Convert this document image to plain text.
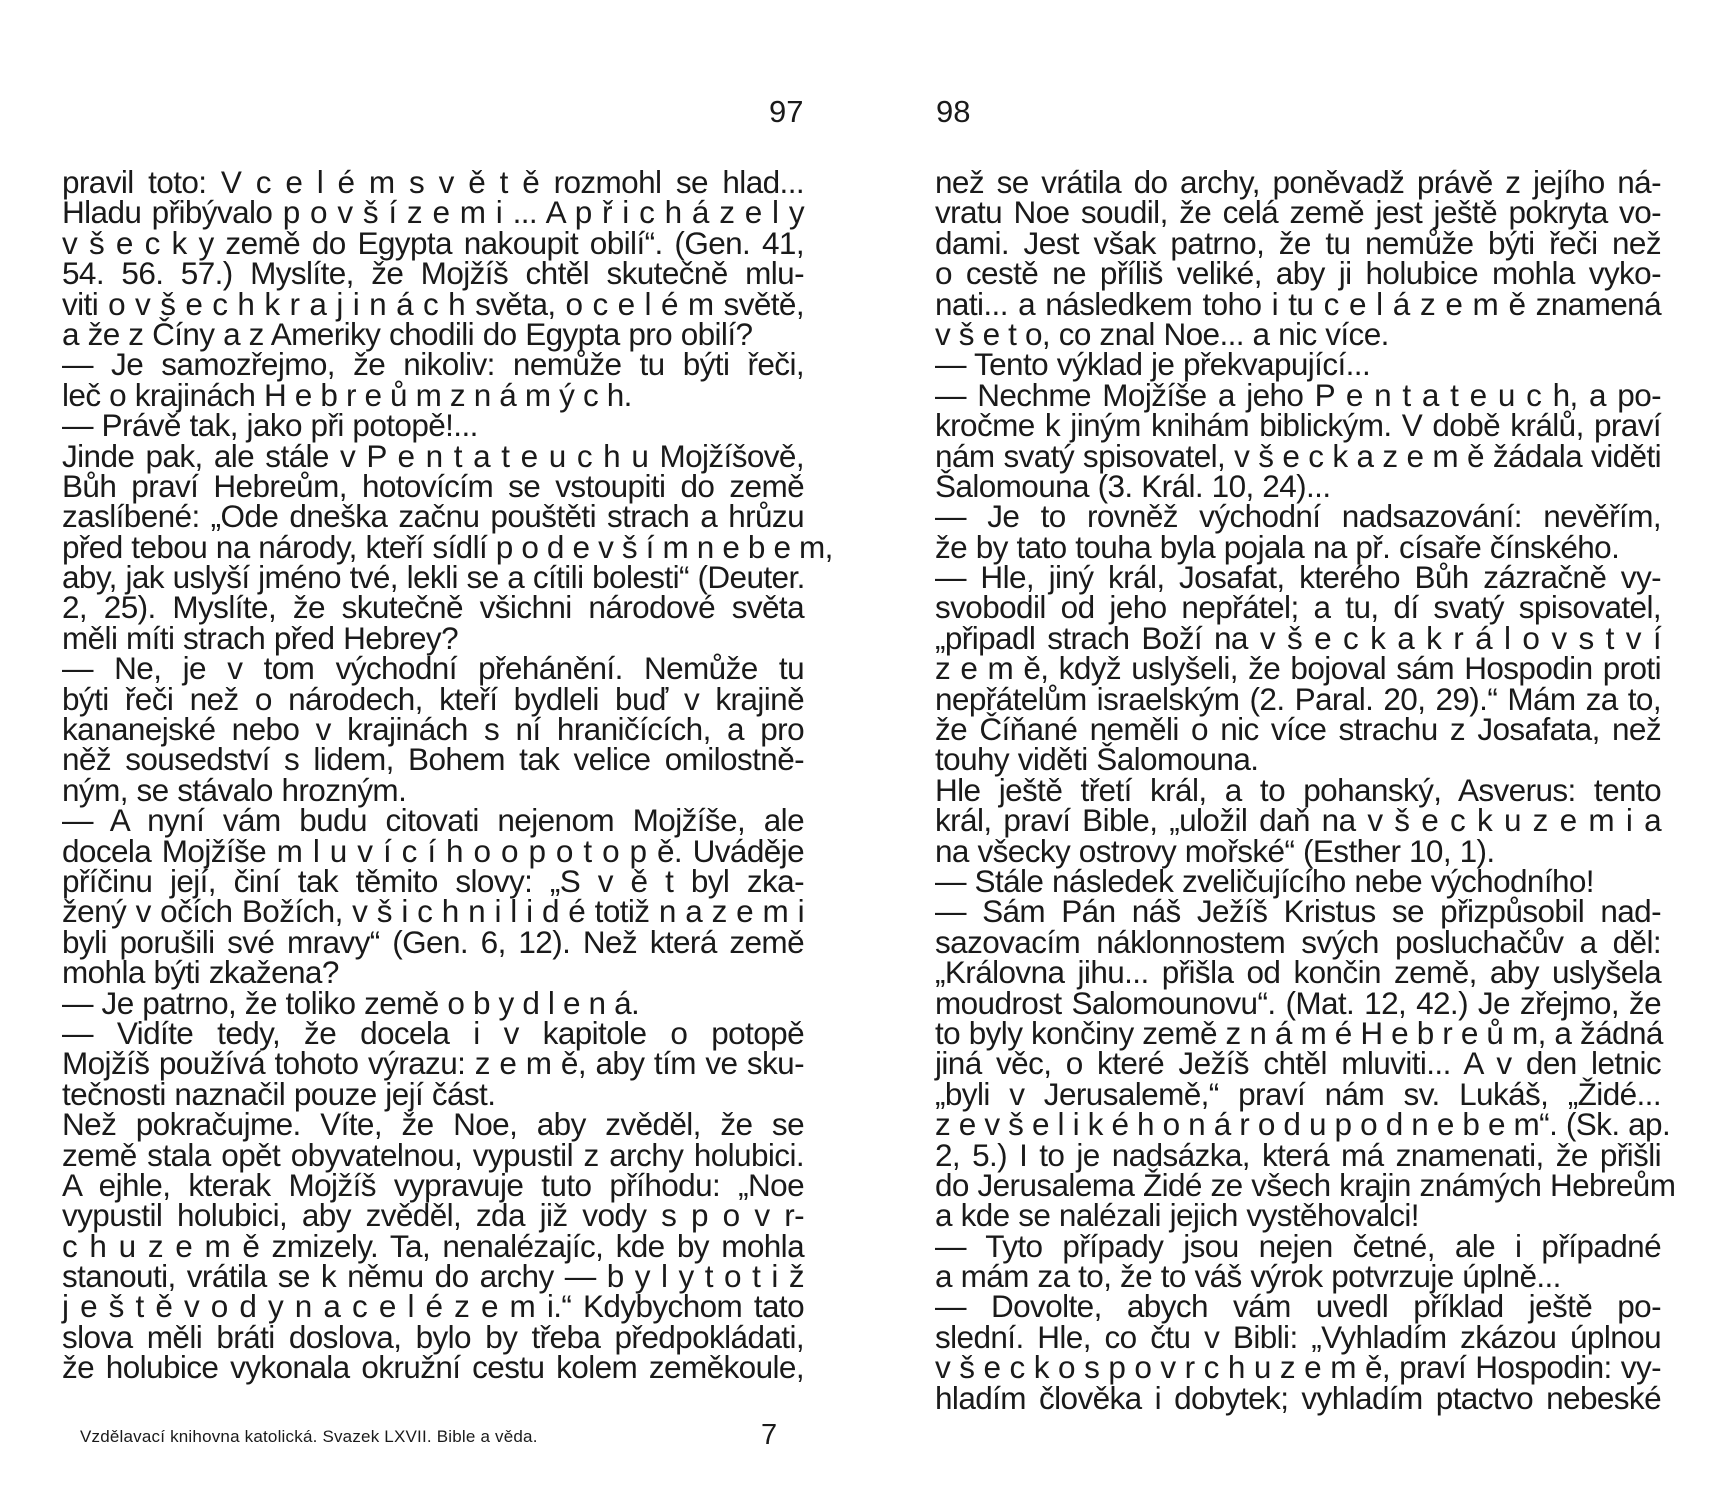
97	98
pravil toto: V c e l é m s v ě t ě rozmohl se hlad...
Hladu přibývalo p o v š í z e m i ... A p ř i c h á z e l y
v š e c k y země do Egypta nakoupit obilí“. (Gen. 41,
54. 56. 57.) Myslíte, že Mojžíš chtěl skutečně mlu-
viti o v š e c h k r a j i n á c h světa, o c e l é m světě,
a že z Číny a z Ameriky chodili do Egypta pro obilí?
— Je samozřejmo, že nikoliv: nemůže tu býti řeči,
leč o krajinách H e b r e ů m z n á m ý c h.
— Právě tak, jako při potopě!...
Jinde pak, ale stále v P e n t a t e u c h u Mojžíšově,
Bůh praví Hebreům, hotovícím se vstoupiti do země
zaslíbené: „Ode dneška začnu pouštěti strach a hrůzu
před tebou na národy, kteří sídlí p o d e v š í m n e b e m,
aby, jak uslyší jméno tvé, lekli se a cítili bolesti“ (Deuter.
2, 25). Myslíte, že skutečně všichni národové světa
měli míti strach před Hebrey?
— Ne, je v tom východní přehánění. Nemůže tu
býti řeči než o národech, kteří bydleli buď v krajině
kananejské nebo v krajinách s ní hraničících, a pro
něž sousedství s lidem, Bohem tak velice omilostně-
ným, se stávalo hrozným.
— A nyní vám budu citovati nejenom Mojžíše, ale
docela Mojžíše m l u v í c í h o o p o t o p ě. Uváděje
příčinu její, činí tak těmito slovy: „S v ě t byl zka-
žený v očích Božích, v š i c h n i l i d é totiž n a z e m i
byli porušili své mravy“ (Gen. 6, 12). Než která země
mohla býti zkažena?
— Je patrno, že toliko země o b y d l e n á.
— Vidíte tedy, že docela i v kapitole o potopě
Mojžíš používá tohoto výrazu: z e m ě, aby tím ve sku-
tečnosti naznačil pouze její část.
Než pokračujme. Víte, že Noe, aby zvěděl, že se
země stala opět obyvatelnou, vypustil z archy holubici.
A ejhle, kterak Mojžíš vypravuje tuto příhodu: „Noe
vypustil holubici, aby zvěděl, zda již vody s p o v r-
c h u z e m ě zmizely. Ta, nenalézajíc, kde by mohla
stanouti, vrátila se k němu do archy — b y l y t o t i ž
j e š t ě v o d y n a c e l é z e m i.“ Kdybychom tato
slova měli bráti doslova, bylo by třeba předpokládati,
že holubice vykonala okružní cestu kolem zeměkoule,
než se vrátila do archy, poněvadž právě z jejího ná-
vratu Noe soudil, že celá země jest ještě pokryta vo-
dami. Jest však patrno, že tu nemůže býti řeči než
o cestě ne příliš veliké, aby ji holubice mohla vyko-
nati... a následkem toho i tu c e l á z e m ě znamená
v š e t o, co znal Noe... a nic více.
— Tento výklad je překvapující...
— Nechme Mojžíše a jeho P e n t a t e u c h, a po-
kročme k jiným knihám biblickým. V době králů, praví
nám svatý spisovatel, v š e c k a z e m ě žádala viděti
Šalomouna (3. Král. 10, 24)...
— Je to rovněž východní nadsazování: nevěřím,
že by tato touha byla pojala na př. císaře čínského.
— Hle, jiný král, Josafat, kterého Bůh zázračně vy-
svobodil od jeho nepřátel; a tu, dí svatý spisovatel,
„připadl strach Boží na v š e c k a k r á l o v s t v í
z e m ě, když uslyšeli, že bojoval sám Hospodin proti
nepřátelům israelským (2. Paral. 20, 29).“ Mám za to,
že Číňané neměli o nic více strachu z Josafata, než
touhy viděti Šalomouna.
Hle ještě třetí král, a to pohanský, Asverus: tento
král, praví Bible, „uložil daň na v š e c k u z e m i a
na všecky ostrovy mořské“ (Esther 10, 1).
— Stále následek zveličujícího nebe východního!
— Sám Pán náš Ježíš Kristus se přizpůsobil nad-
sazovacím náklonnostem svých posluchačův a děl:
„Královna jihu... přišla od končin země, aby uslyšela
moudrost Salomounovu“. (Mat. 12, 42.) Je zřejmo, že
to byly končiny země z n á m é H e b r e ů m, a žádná
jiná věc, o které Ježíš chtěl mluviti... A v den letnic
„byli v Jerusalemě,“ praví nám sv. Lukáš, „Židé...
z e v š e l i k é h o n á r o d u p o d n e b e m“. (Sk. ap.
2, 5.) I to je nadsázka, která má znamenati, že přišli
do Jerusalema Židé ze všech krajin známých Hebreům
a kde se nalézali jejich vystěhovalci!
— Tyto případy jsou nejen četné, ale i případné
a mám za to, že to váš výrok potvrzuje úplně...
— Dovolte, abych vám uvedl příklad ještě po-
slední. Hle, co čtu v Bibli: „Vyhladím zkázou úplnou
v š e c k o s p o v r c h u z e m ě, praví Hospodin: vy-
hladím člověka i dobytek; vyhladím ptactvo nebeské
Vzdělavací knihovna katolická. Svazek LXVII. Bible a věda.	7
